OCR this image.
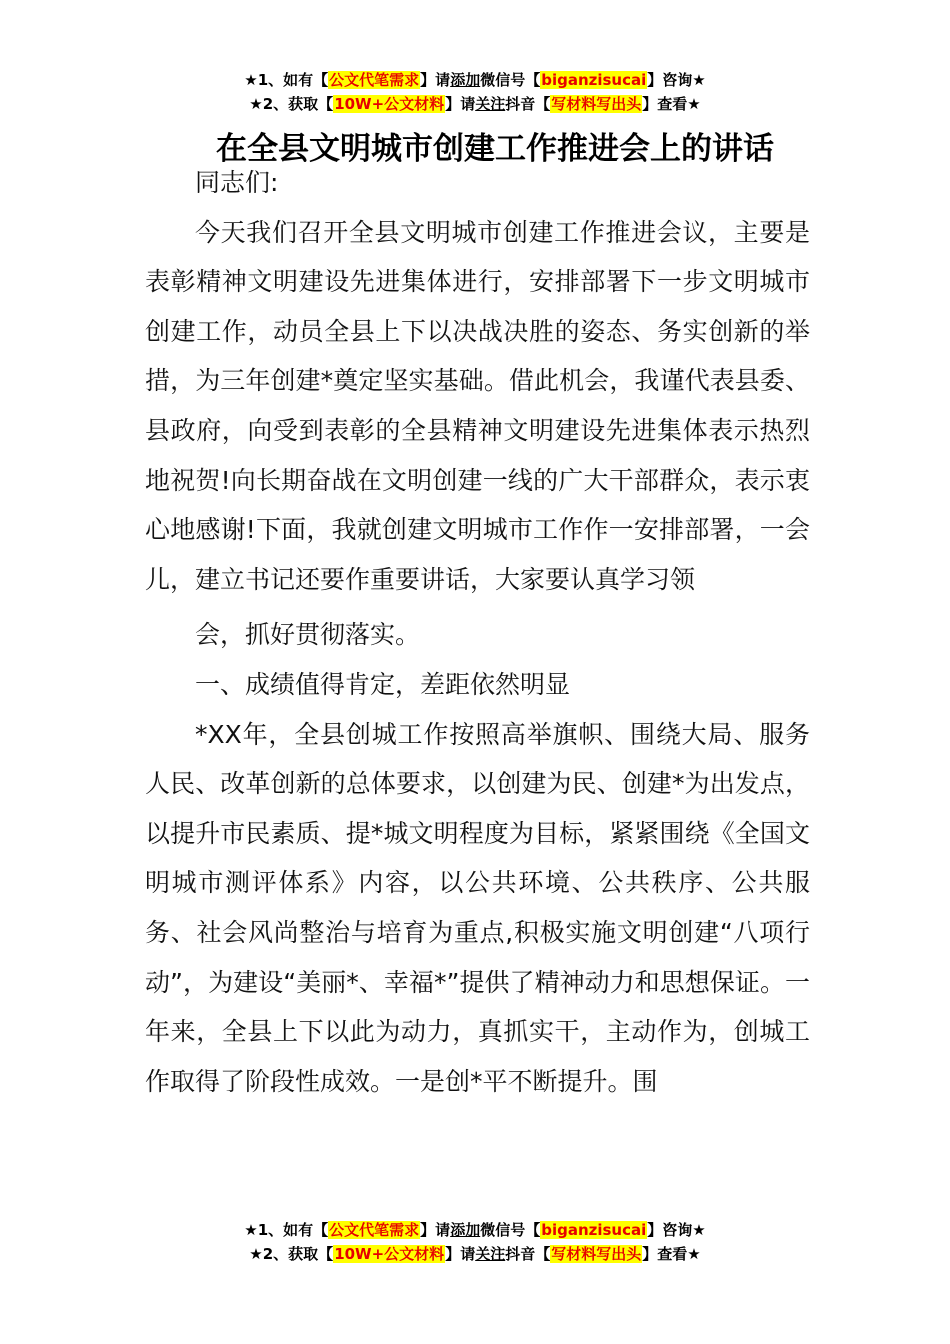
★1、如有【公文代笔需求】请添加微信号【biganzisucai】咨询★
★2、获取【10W+公文材料】请关注抖音【写材料写出头】查看★
在全县文明城市创建工作推进会上的讲话

同志们:

今天我们召开全县文明城市创建工作推进会议，主要是表彰精神文明建设先进集体进行，安排部署下一步文明城市创建工作，动员全县上下以决战决胜的姿态、务实创新的举措，为三年创建*奠定坚实基础。借此机会，我谨代表县委、县政府，向受到表彰的全县精神文明建设先进集体表示热烈地祝贺!向长期奋战在文明创建一线的广大干部群众，表示衷心地感谢!下面，我就创建文明城市工作作一安排部署，一会儿，建立书记还要作重要讲话，大家要认真学习领

会，抓好贯彻落实。

一、成绩值得肯定，差距依然明显

*XX年，全县创城工作按照高举旗帜、围绕大局、服务人民、改革创新的总体要求，以创建为民、创建*为出发点，以提升市民素质、提*城文明程度为目标，紧紧围绕《全国文明城市测评体系》内容，以公共环境、公共秩序、公共服务、社会风尚整治与培育为重点,积极实施文明创建“八项行动”，为建设“美丽*、幸福*”提供了精神动力和思想保证。一年来，全县上下以此为动力，真抓实干，主动作为，创城工作取得了阶段性成效。一是创*平不断提升。围

★1、如有【公文代笔需求】请添加微信号【biganzisucai】咨询★
★2、获取【10W+公文材料】请关注抖音【写材料写出头】查看★
